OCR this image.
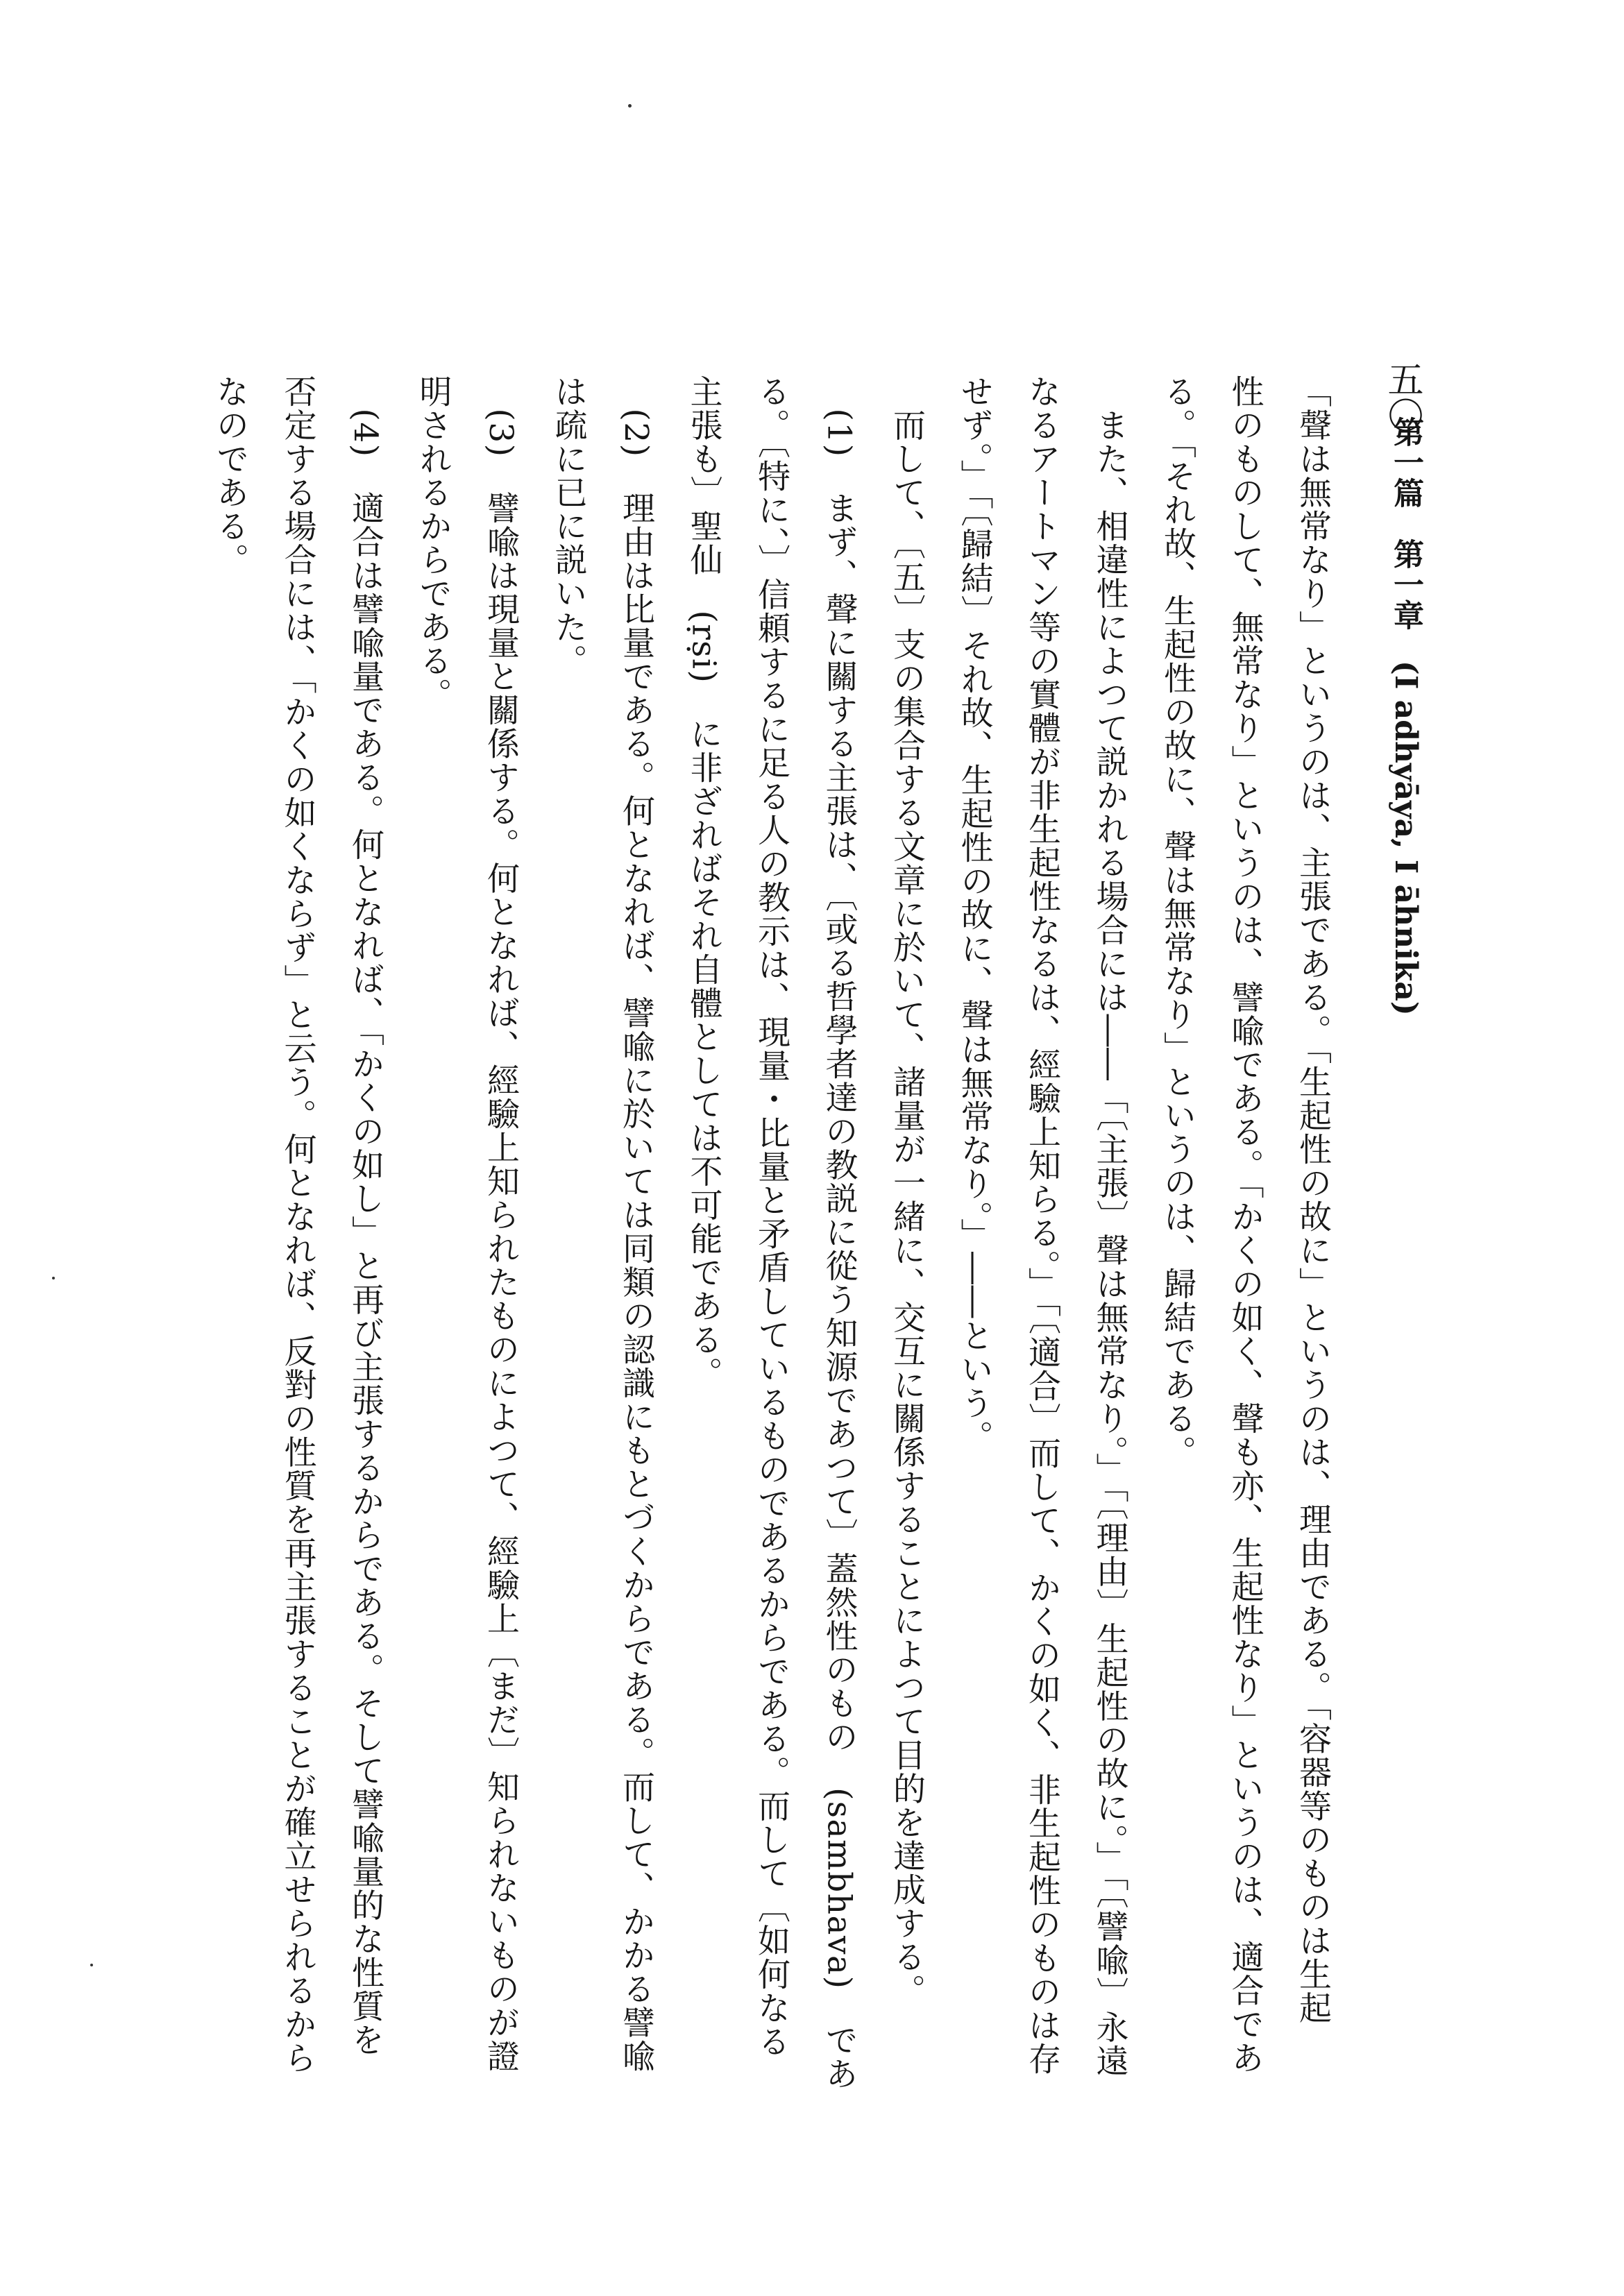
五〇
第一篇　第一章　(I adhyāya, I āhnika)
「聲は無常なり」というのは、主張である。「生起性の故に」というのは、理由である。「容器等のものは生起
性のものして、無常なり」というのは、譬喩である。「かくの如く、聲も亦、生起性なり」というのは、適合であ
る。「それ故、生起性の故に、聲は無常なり」というのは、歸結である。
　また、相違性によつて説かれる場合には――「〔主張〕聲は無常なり。」「〔理由〕生起性の故に。」「〔譬喩〕永遠
なるアートマン等の實體が非生起性なるは、經驗上知らる。」「〔適合〕而して、かくの如く、非生起性のものは存
せず。」「〔歸結〕それ故、生起性の故に、聲は無常なり。」――という。
　而して、〔五〕支の集合する文章に於いて、諸量が一緒に、交互に關係することによつて目的を達成する。
　(1)　まず、聲に關する主張は、〔或る哲學者達の教説に從う知源であつて〕蓋然性のもの　(sambhava)　であ
る。〔特に、〕信頼するに足る人の教示は、現量・比量と矛盾しているものであるからである。而して〔如何なる
主張も〕聖仙　(ṛṣi)　に非ざればそれ自體としては不可能である。
　(2)　理由は比量である。何となれば、譬喩に於いては同類の認識にもとづくからである。而して、かかる譬喩
は疏に已に説いた。
　(3)　譬喩は現量と關係する。何となれば、經驗上知られたものによつて、經驗上〔まだ〕知られないものが證
明されるからである。
　(4)　適合は譬喩量である。何となれば、「かくの如し」と再び主張するからである。そして譬喩量的な性質を
否定する場合には、「かくの如くならず」と云う。何となれば、反對の性質を再主張することが確立せられるから
なのである。
